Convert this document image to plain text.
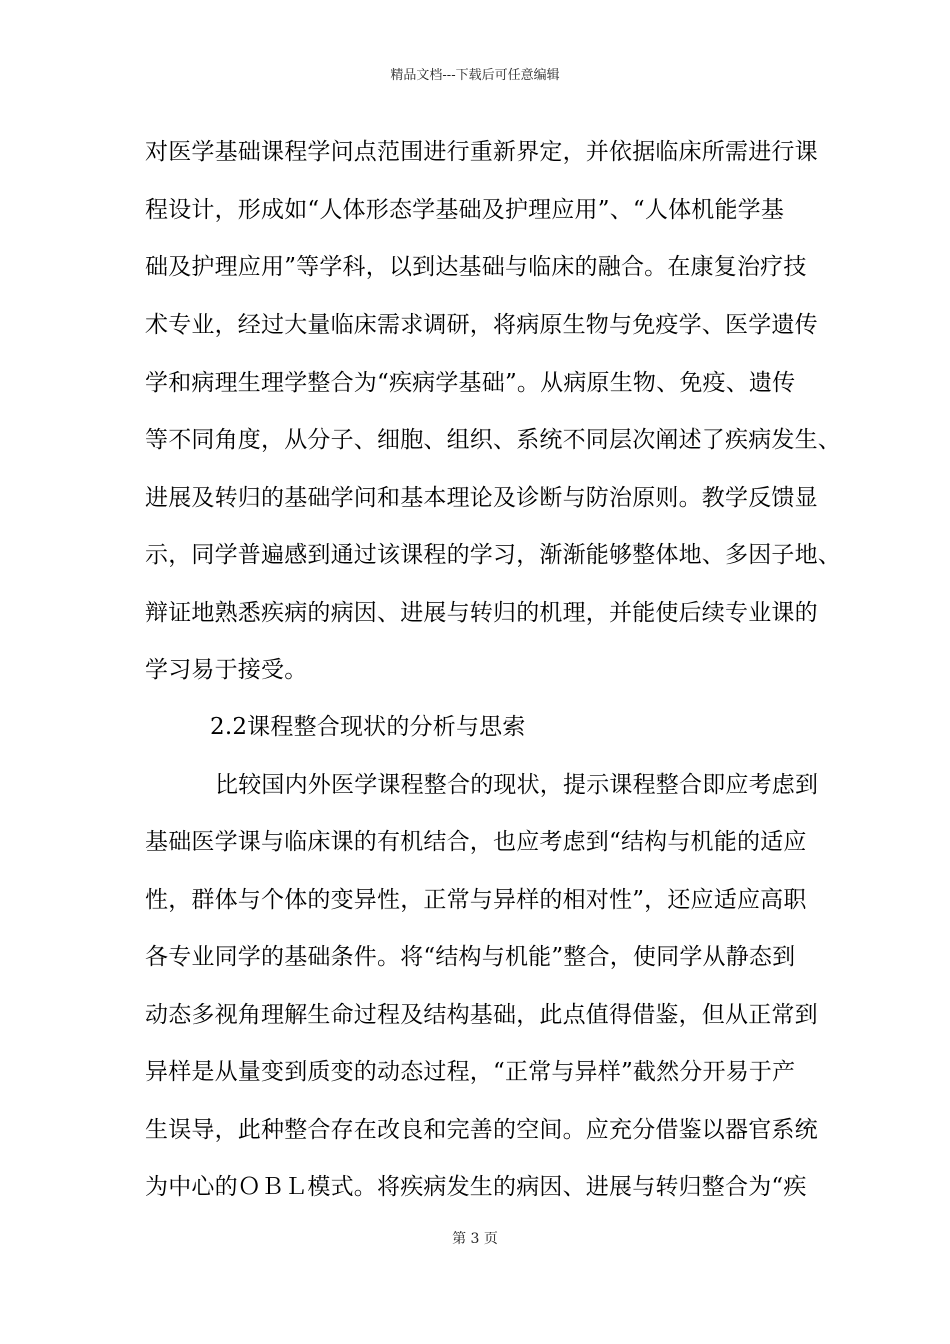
精品文档---下载后可任意编辑
对医学基础课程学问点范围进行重新界定，并依据临床所需进行课
程设计，形成如“人体形态学基础及护理应用”、“人体机能学基
础及护理应用”等学科，以到达基础与临床的融合。在康复治疗技
术专业，经过大量临床需求调研，将病原生物与免疫学、医学遗传
学和病理生理学整合为“疾病学基础”。从病原生物、免疫、遗传
等不同角度，从分子、细胞、组织、系统不同层次阐述了疾病发生、
进展及转归的基础学问和基本理论及诊断与防治原则。教学反馈显
示，同学普遍感到通过该课程的学习，渐渐能够整体地、多因子地、
辩证地熟悉疾病的病因、进展与转归的机理，并能使后续专业课的
学习易于接受。
2.2课程整合现状的分析与思索
比较国内外医学课程整合的现状，提示课程整合即应考虑到
基础医学课与临床课的有机结合，也应考虑到“结构与机能的适应
性，群体与个体的变异性，正常与异样的相对性”，还应适应高职
各专业同学的基础条件。将“结构与机能”整合，使同学从静态到
动态多视角理解生命过程及结构基础，此点值得借鉴，但从正常到
异样是从量变到质变的动态过程，“正常与异样”截然分开易于产
生误导，此种整合存在改良和完善的空间。应充分借鉴以器官系统
为中心的ＯＢＬ模式。将疾病发生的病因、进展与转归整合为“疾
第 3 页
